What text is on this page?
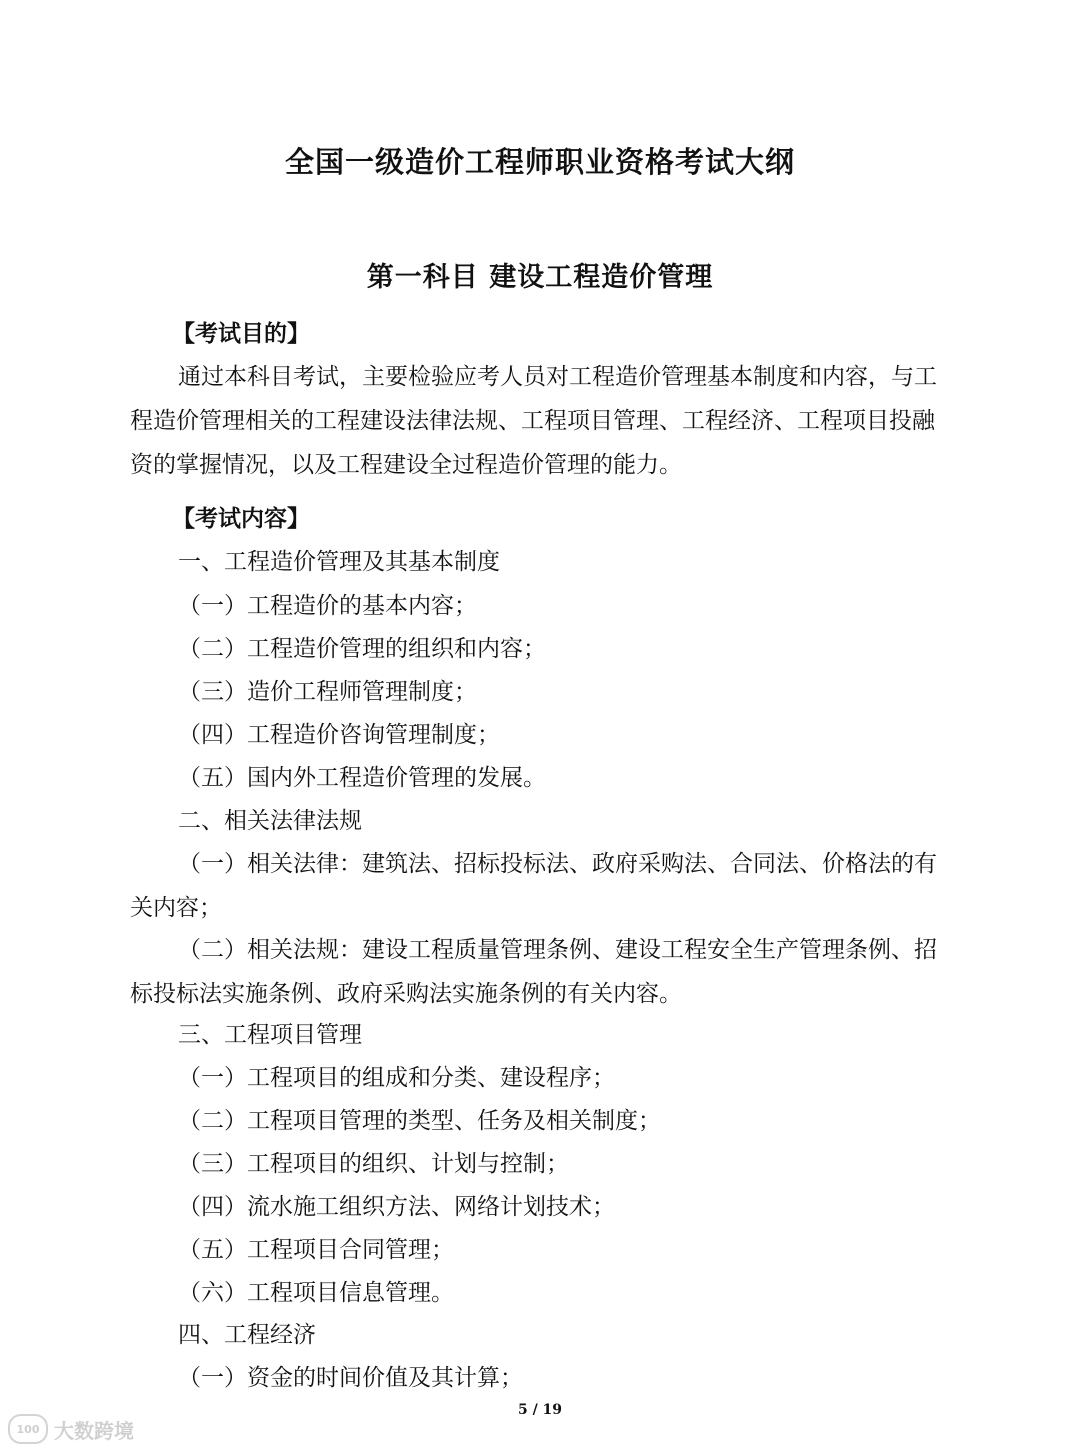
全国一级造价工程师职业资格考试大纲
第一科目 建设工程造价管理
【考试目的】
通过本科目考试，主要检验应考人员对工程造价管理基本制度和内容，与工程造价管理相关的工程建设法律法规、工程项目管理、工程经济、工程项目投融资的掌握情况，以及工程建设全过程造价管理的能力。
【考试内容】
一、工程造价管理及其基本制度
（一）工程造价的基本内容；
（二）工程造价管理的组织和内容；
（三）造价工程师管理制度；
（四）工程造价咨询管理制度；
（五）国内外工程造价管理的发展。
二、相关法律法规
（一）相关法律：建筑法、招标投标法、政府采购法、合同法、价格法的有关内容；
（二）相关法规：建设工程质量管理条例、建设工程安全生产管理条例、招标投标法实施条例、政府采购法实施条例的有关内容。
三、工程项目管理
（一）工程项目的组成和分类、建设程序；
（二）工程项目管理的类型、任务及相关制度；
（三）工程项目的组织、计划与控制；
（四）流水施工组织方法、网络计划技术；
（五）工程项目合同管理；
（六）工程项目信息管理。
四、工程经济
（一）资金的时间价值及其计算；
5 / 19
100 大数跨境
